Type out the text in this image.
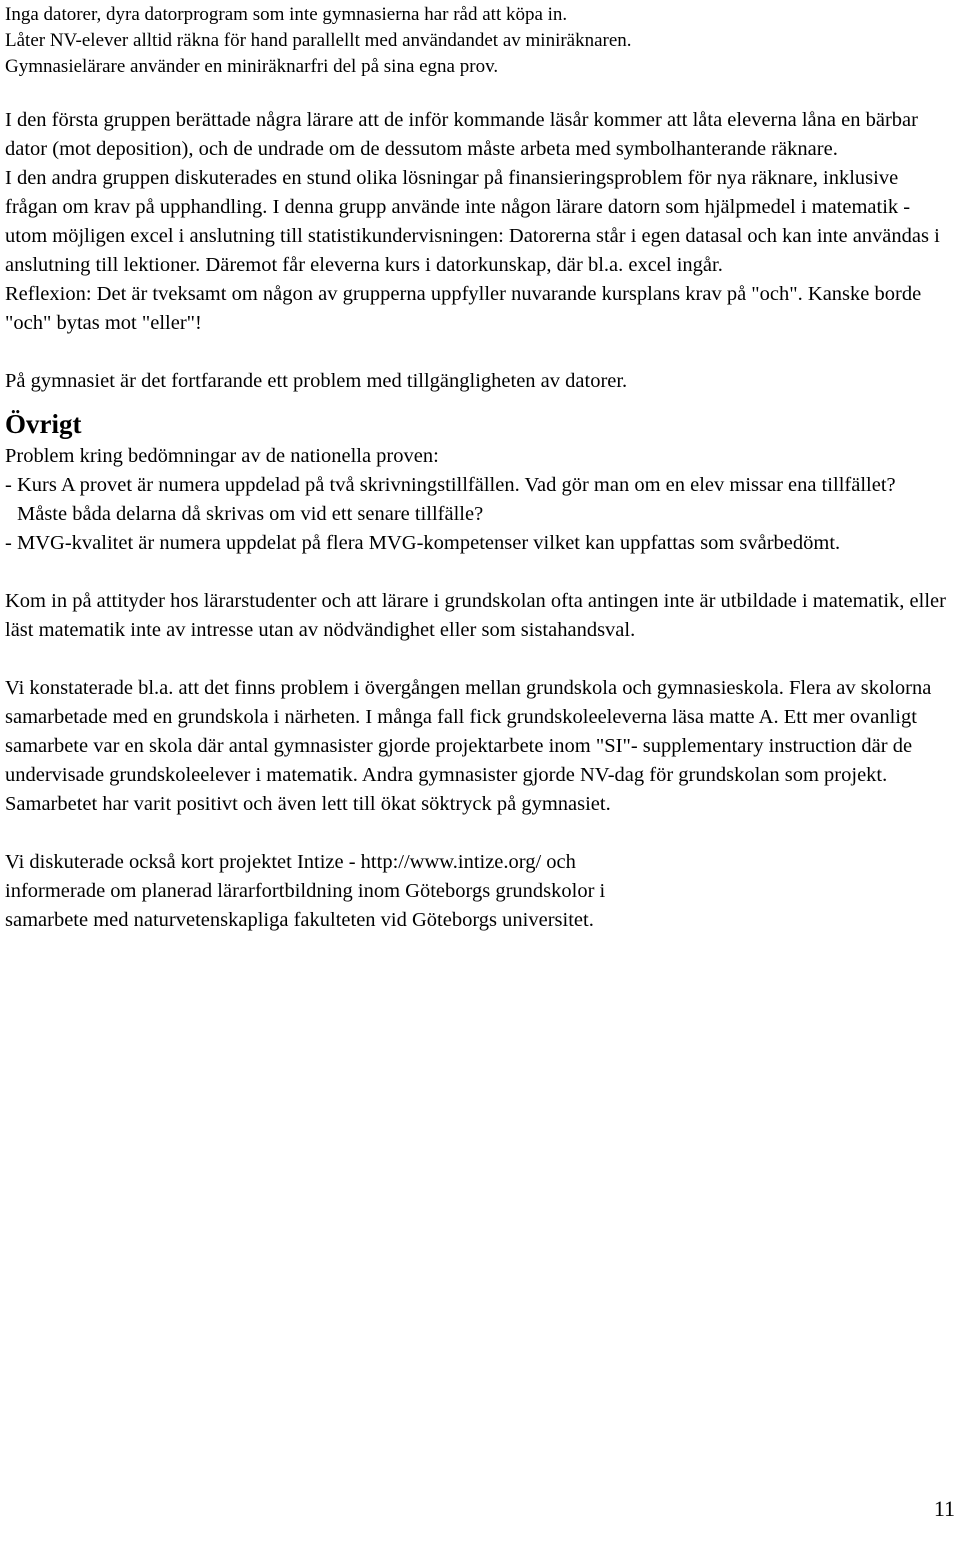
Inga datorer, dyra datorprogram som inte gymnasierna har råd att köpa in.

Låter NV-elever alltid räkna för hand parallellt med användandet av miniräknaren.

Gymnasielärare använder en miniräknarfri del på sina egna prov.

I den första gruppen berättade några lärare att de inför kommande läsår kommer att låta eleverna låna en bärbar dator (mot deposition), och de undrade om de dessutom måste arbeta med symbolhanterande räknare.

I den andra gruppen diskuterades en stund olika lösningar på finansieringsproblem för nya räknare, inklusive frågan om krav på upphandling. I denna grupp använde inte någon lärare datorn som hjälpmedel i matematik - utom möjligen excel i anslutning till statistikundervisningen: Datorerna står i egen datasal och kan inte användas i anslutning till lektioner. Däremot får eleverna kurs i datorkunskap, där bl.a. excel ingår.

Reflexion: Det är tveksamt om någon av grupperna uppfyller nuvarande kursplans krav på "och". Kanske borde "och" bytas mot "eller"!

På gymnasiet är det fortfarande ett problem med tillgängligheten av datorer.

Övrigt

Problem kring bedömningar av de nationella proven:

- Kurs A provet är numera uppdelad på två skrivningstillfällen. Vad gör man om en elev missar ena tillfället? Måste båda delarna då skrivas om vid ett senare tillfälle?
- MVG-kvalitet är numera uppdelat på flera MVG-kompetenser vilket kan uppfattas som svårbedömt.

Kom in på attityder hos lärarstudenter och att lärare i grundskolan ofta antingen inte är utbildade i matematik, eller läst matematik inte av intresse utan av nödvändighet eller som sistahandsval.

Vi konstaterade bl.a. att det finns problem i övergången mellan grundskola och gymnasieskola. Flera av skolorna samarbetade med en grundskola i närheten. I många fall fick grundskoleeleverna läsa matte A. Ett mer ovanligt samarbete var en skola där antal gymnasister gjorde projektarbete inom "SI"- supplementary instruction där de undervisade grundskoleelever i matematik. Andra gymnasister gjorde NV-dag för grundskolan som projekt. Samarbetet har varit positivt och även lett till ökat söktryck på gymnasiet.

Vi diskuterade också kort projektet Intize - http://www.intize.org/ och

informerade om planerad lärarfortbildning inom Göteborgs grundskolor i

samarbete med naturvetenskapliga fakulteten vid Göteborgs universitet.

11
